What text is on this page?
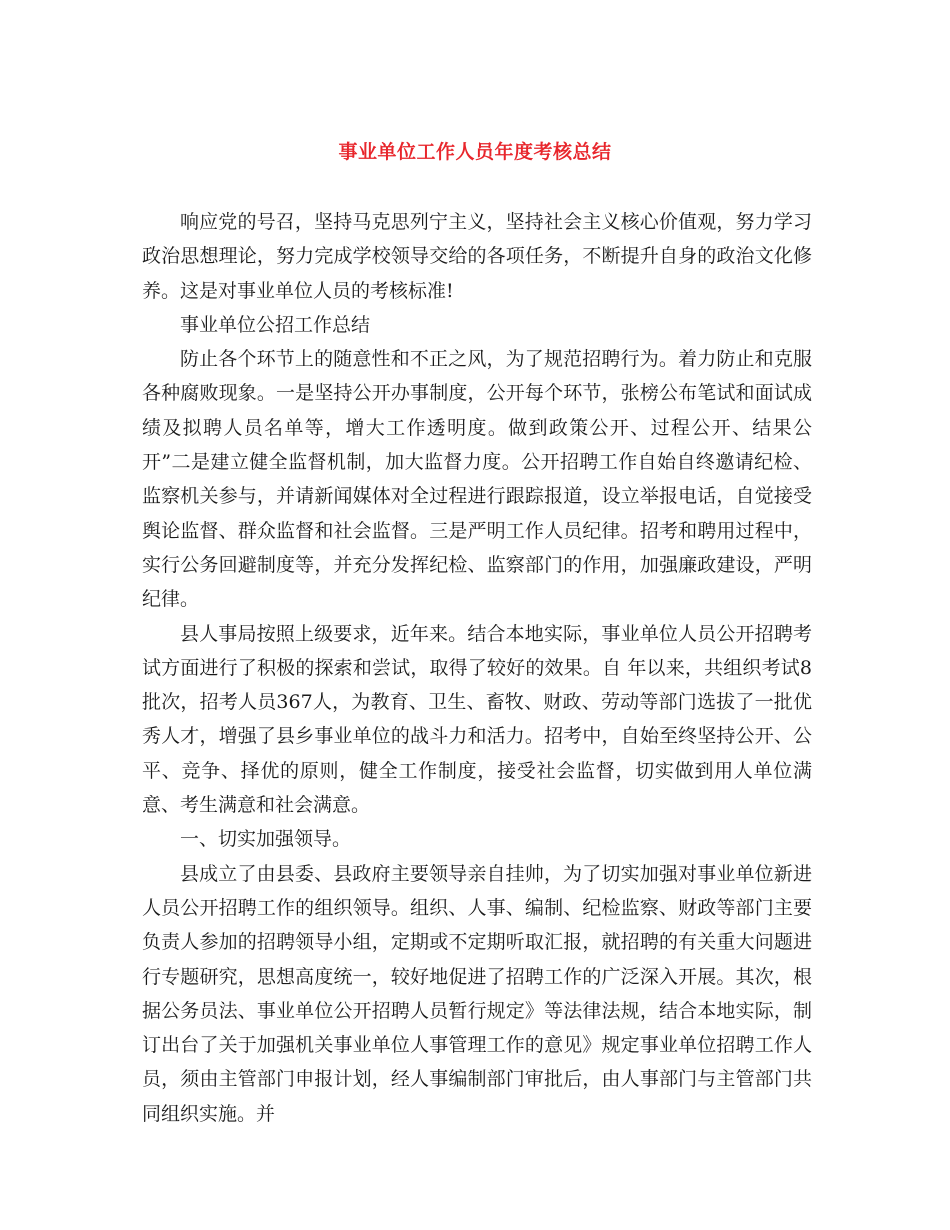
事业单位工作人员年度考核总结

响应党的号召，坚持马克思列宁主义，坚持社会主义核心价值观，努力学习政治思想理论，努力完成学校领导交给的各项任务，不断提升自身的政治文化修养。这是对事业单位人员的考核标准!

事业单位公招工作总结

防止各个环节上的随意性和不正之风，为了规范招聘行为。着力防止和克服各种腐败现象。一是坚持公开办事制度，公开每个环节，张榜公布笔试和面试成绩及拟聘人员名单等，增大工作透明度。做到政策公开、过程公开、结果公开”二是建立健全监督机制，加大监督力度。公开招聘工作自始自终邀请纪检、监察机关参与，并请新闻媒体对全过程进行跟踪报道，设立举报电话，自觉接受舆论监督、群众监督和社会监督。三是严明工作人员纪律。招考和聘用过程中，实行公务回避制度等，并充分发挥纪检、监察部门的作用，加强廉政建设，严明纪律。

县人事局按照上级要求，近年来。结合本地实际，事业单位人员公开招聘考试方面进行了积极的探索和尝试，取得了较好的效果。自 年以来，共组织考试8批次，招考人员367人，为教育、卫生、畜牧、财政、劳动等部门选拔了一批优秀人才，增强了县乡事业单位的战斗力和活力。招考中，自始至终坚持公开、公平、竞争、择优的原则，健全工作制度，接受社会监督，切实做到用人单位满意、考生满意和社会满意。

一、切实加强领导。

县成立了由县委、县政府主要领导亲自挂帅，为了切实加强对事业单位新进人员公开招聘工作的组织领导。组织、人事、编制、纪检监察、财政等部门主要负责人参加的招聘领导小组，定期或不定期听取汇报，就招聘的有关重大问题进行专题研究，思想高度统一，较好地促进了招聘工作的广泛深入开展。其次，根据公务员法、事业单位公开招聘人员暂行规定》等法律法规，结合本地实际，制订出台了关于加强机关事业单位人事管理工作的意见》规定事业单位招聘工作人员，须由主管部门申报计划，经人事编制部门审批后，由人事部门与主管部门共同组织实施。并
